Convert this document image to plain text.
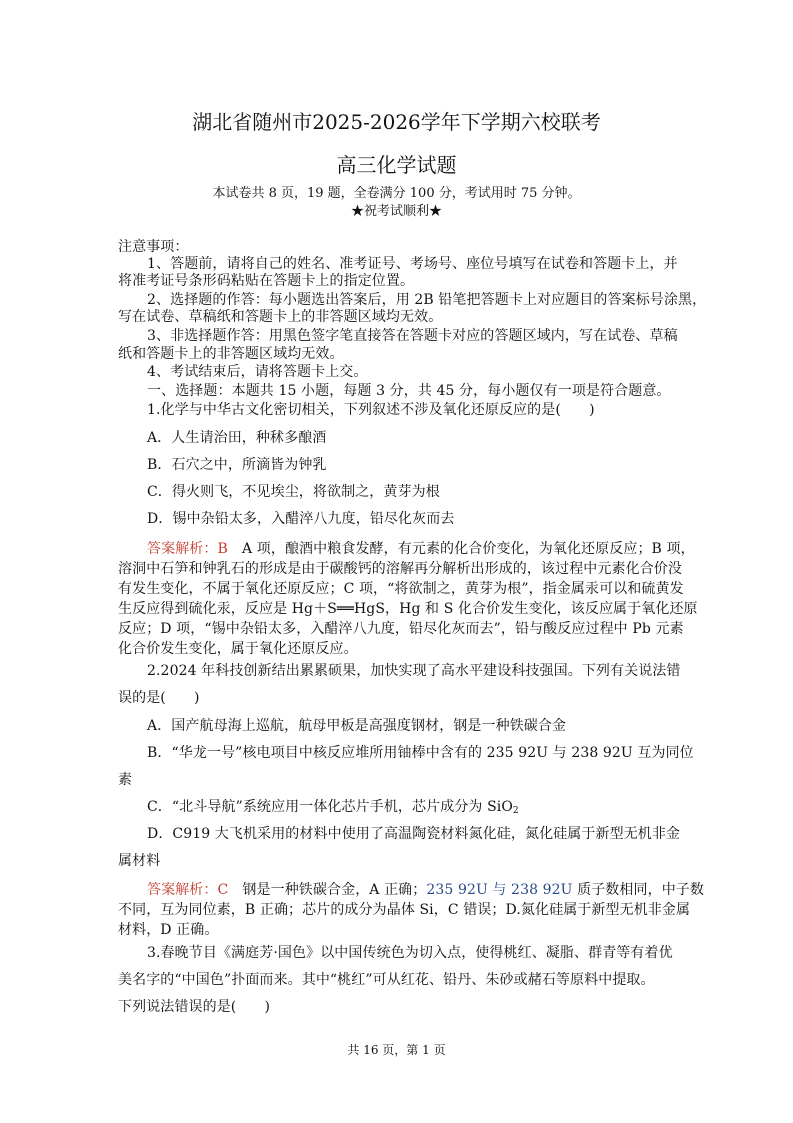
湖北省随州市2025-2026学年下学期六校联考
高三化学试题
本试卷共 8 页，19 题，全卷满分 100 分，考试用时 75 分钟。
★祝考试顺利★
注意事项：
1、答题前，请将自己的姓名、准考证号、考场号、座位号填写在试卷和答题卡上，并
将准考证号条形码粘贴在答题卡上的指定位置。
2、选择题的作答：每小题选出答案后，用 2B 铅笔把答题卡上对应题目的答案标号涂黑，
写在试卷、草稿纸和答题卡上的非答题区域均无效。
3、非选择题作答：用黑色签字笔直接答在答题卡对应的答题区域内，写在试卷、草稿
纸和答题卡上的非答题区域均无效。
4、考试结束后，请将答题卡上交。
一、选择题：本题共 15 小题，每题 3 分，共 45 分，每小题仅有一项是符合题意。
1.化学与中华古文化密切相关，下列叙述不涉及氧化还原反应的是(　　)
A．人生请治田，种秫多酿酒
B．石穴之中，所滴皆为钟乳
C．得火则飞，不见埃尘，将欲制之，黄芽为根
D．锡中杂铅太多，入醋淬八九度，铅尽化灰而去
答案解析：B　A 项，酿酒中粮食发酵，有元素的化合价变化，为氧化还原反应；B 项，
溶洞中石笋和钟乳石的形成是由于碳酸钙的溶解再分解析出形成的，该过程中元素化合价没
有发生变化，不属于氧化还原反应；C 项，“将欲制之，黄芽为根”，指金属汞可以和硫黄发
生反应得到硫化汞，反应是 Hg＋S══HgS，Hg 和 S 化合价发生变化，该反应属于氧化还原
反应；D 项，“锡中杂铅太多，入醋淬八九度，铅尽化灰而去”，铅与酸反应过程中 Pb 元素
化合价发生变化，属于氧化还原反应。
2.2024 年科技创新结出累累硕果，加快实现了高水平建设科技强国。下列有关说法错
误的是(　　)
A．国产航母海上巡航，航母甲板是高强度钢材，钢是一种铁碳合金
B．“华龙一号”核电项目中核反应堆所用铀棒中含有的 235 92U 与 238 92U 互为同位
素
C．“北斗导航”系统应用一体化芯片手机，芯片成分为 SiO$_2$
D．C919 大飞机采用的材料中使用了高温陶瓷材料氮化硅，氮化硅属于新型无机非金
属材料
答案解析：C　钢是一种铁碳合金，A 正确；235 92U 与 238 92U 质子数相同，中子数
不同，互为同位素，B 正确；芯片的成分为晶体 Si，C 错误；D.氮化硅属于新型无机非金属
材料，D 正确。
3.春晚节目《满庭芳·国色》以中国传统色为切入点，使得桃红、凝脂、群青等有着优
美名字的“中国色”扑面而来。其中“桃红”可从红花、铅丹、朱砂或赭石等原料中提取。
下列说法错误的是(　　)
共 16 页，第 1 页
